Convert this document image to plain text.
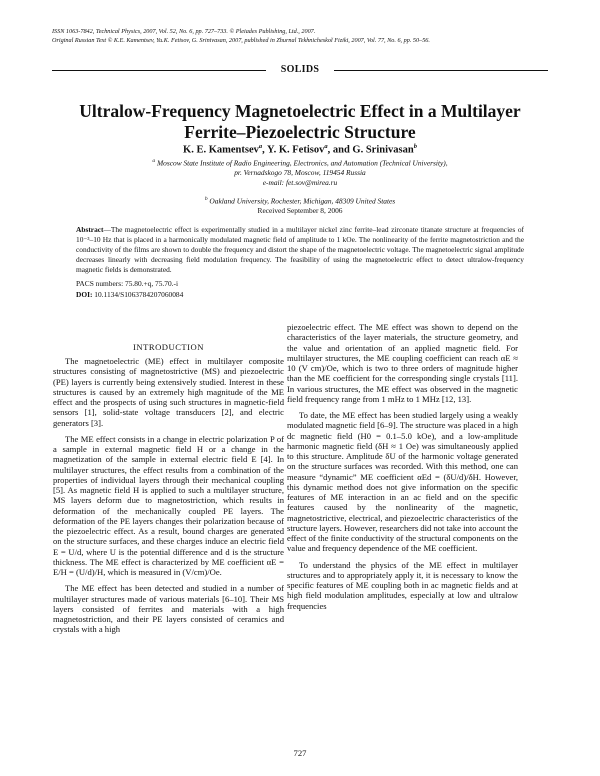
ISSN 1063-7842, Technical Physics, 2007, Vol. 52, No. 6, pp. 727–733. © Pleiades Publishing, Ltd., 2007.
Original Russian Text © K.E. Kamentsev, Yu.K. Fetisov, G. Srinivasan, 2007, published in Zhurnal Tekhnicheskoĭ Fiziki, 2007, Vol. 77, No. 6, pp. 50–56.
SOLIDS
Ultralow-Frequency Magnetoelectric Effect in a Multilayer
Ferrite–Piezoelectric Structure
K. E. Kamentsev$^a$, Y. K. Fetisov$^a$, and G. Srinivasan$^b$
$^a$ Moscow State Institute of Radio Engineering, Electronics, and Automation (Technical University),
pr. Vernadskogo 78, Moscow, 119454 Russia
e-mail: fet.sov@mirea.ru
$^b$ Oakland University, Rochester, Michigan, 48309 United States
Received September 8, 2006
Abstract—The magnetoelectric effect is experimentally studied in a multilayer nickel zinc ferrite–lead zirconate titanate structure at frequencies of 10⁻³–10 Hz that is placed in a harmonically modulated magnetic field of amplitude to 1 kOe. The nonlinearity of the ferrite magnetostriction and the conductivity of the films are shown to double the frequency and distort the shape of the magnetoelectric voltage. The magnetoelectric signal amplitude decreases linearly with decreasing field modulation frequency. The feasibility of using the magnetoelectric effect to detect ultralow-frequency magnetic fields is demonstrated.
PACS numbers: 75.80.+q, 75.70.-i
DOI: 10.1134/S1063784207060084
INTRODUCTION

The magnetoelectric (ME) effect in multilayer composite structures consisting of magnetostrictive (MS) and piezoelectric (PE) layers is currently being extensively studied. Interest in these structures is caused by an extremely high magnitude of the ME effect and the prospects of using such structures in magnetic-field sensors [1], solid-state voltage transducers [2], and electric generators [3].

The ME effect consists in a change in electric polarization P of a sample in external magnetic field H or a change in the magnetization of the sample in external electric field E [4]. In multilayer structures, the effect results from a combination of the properties of individual layers through their mechanical coupling [5]. As magnetic field H is applied to such a multilayer structure, MS layers deform due to magnetostriction, which results in deformation of the mechanically coupled PE layers. The deformation of the PE layers changes their polarization because of the piezoelectric effect. As a result, bound charges are generated on the structure surfaces, and these charges induce an electric field E = U/d, where U is the potential difference and d is the structure thickness. The ME effect is characterized by ME coefficient αE = E/H = (U/d)/H, which is measured in (V/cm)/Oe.

The ME effect has been detected and studied in a number of multilayer structures made of various materials [6–10]. Their MS layers consisted of ferrites and materials with a high magnetostriction, and their PE layers consisted of ceramics and crystals with a high

piezoelectric effect. The ME effect was shown to depend on the characteristics of the layer materials, the structure geometry, and the value and orientation of an applied magnetic field. For multilayer structures, the ME coupling coefficient can reach αE ≈ 10 (V cm)/Oe, which is two to three orders of magnitude higher than the ME coefficient for the corresponding single crystals [11]. In various structures, the ME effect was observed in the magnetic field frequency range from 1 mHz to 1 MHz [12, 13].

To date, the ME effect has been studied largely using a weakly modulated magnetic field [6–9]. The structure was placed in a high dc magnetic field (H0 = 0.1–5.0 kOe), and a low-amplitude harmonic magnetic field (δH ≈ 1 Oe) was simultaneously applied to this structure. Amplitude δU of the harmonic voltage generated on the structure surfaces was recorded. With this method, one can measure “dynamic” ME coefficient αEd = (δU/d)/δH. However, this dynamic method does not give information on the specific features of ME interaction in an ac field and on the specific features caused by the nonlinearity of the magnetic, magnetostrictive, electrical, and piezoelectric characteristics of the structure layers. However, researchers did not take into account the effect of the finite conductivity of the structural components on the value and frequency dependence of the ME coefficient.

To understand the physics of the ME effect in multilayer structures and to appropriately apply it, it is necessary to know the specific features of ME coupling both in ac magnetic fields and at high field modulation amplitudes, especially at low and ultralow frequencies

727
